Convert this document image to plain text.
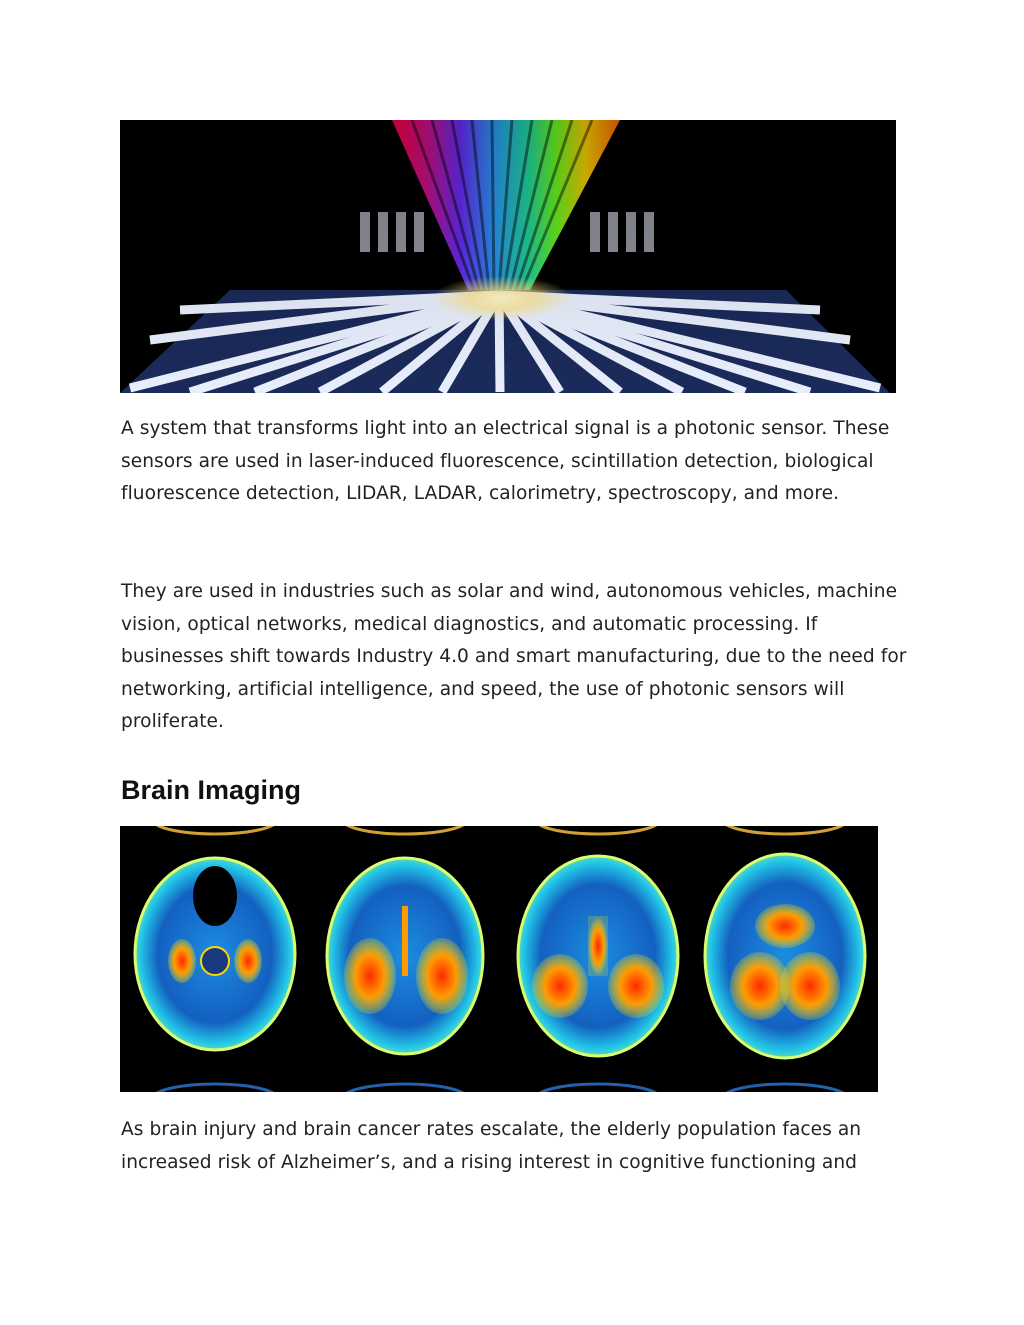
A system that transforms light into an electrical signal is a photonic sensor. These sensors are used in laser-induced fluorescence, scintillation detection, biological fluorescence detection, LIDAR, LADAR, calorimetry, spectroscopy, and more.

They are used in industries such as solar and wind, autonomous vehicles, machine vision, optical networks, medical diagnostics, and automatic processing. If businesses shift towards Industry 4.0 and smart manufacturing, due to the need for networking, artificial intelligence, and speed, the use of photonic sensors will proliferate.

Brain Imaging

As brain injury and brain cancer rates escalate, the elderly population faces an increased risk of Alzheimer’s, and a rising interest in cognitive functioning and
